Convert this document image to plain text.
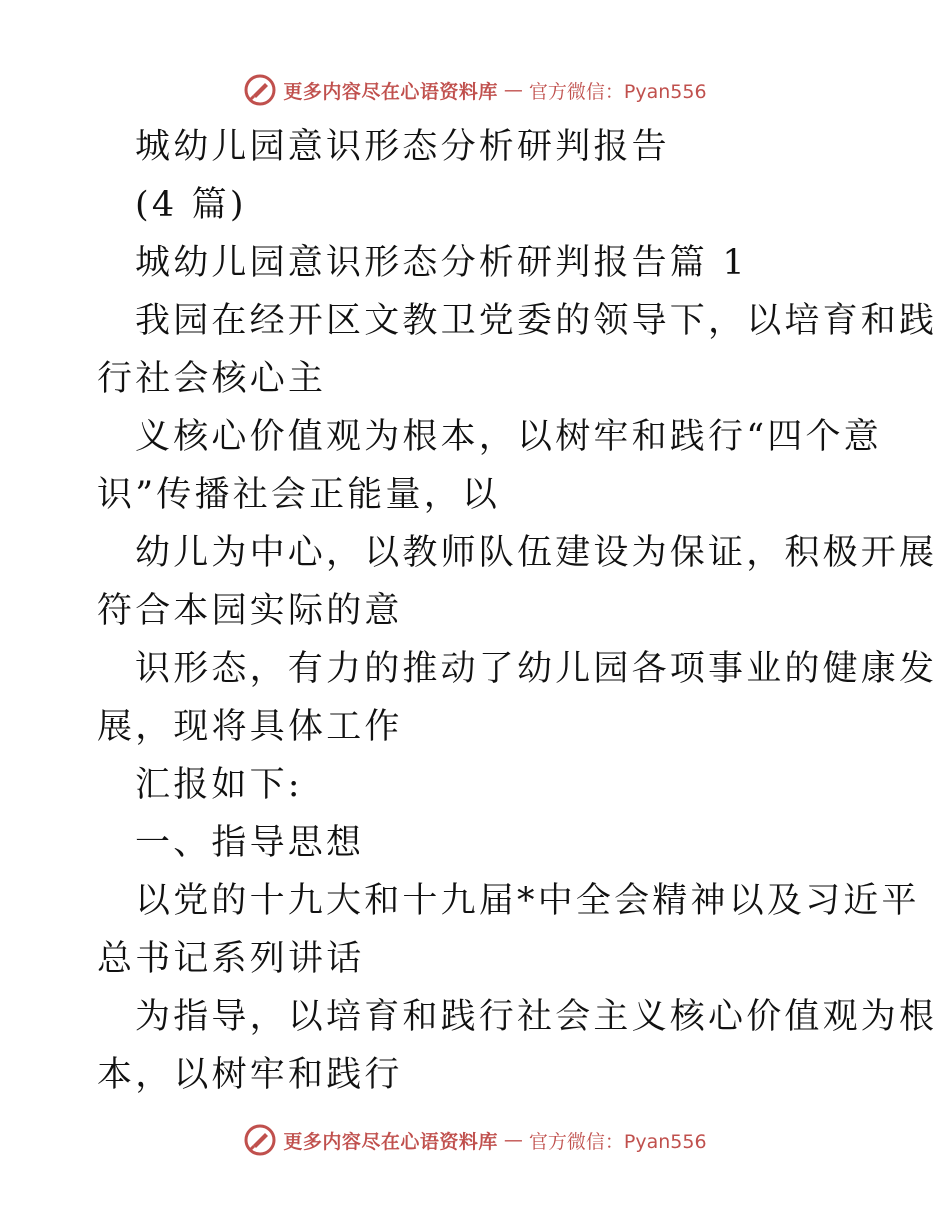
更多内容尽在心语资料库 — 官方微信：Pyan556
城幼儿园意识形态分析研判报告
(4 篇)
城幼儿园意识形态分析研判报告篇 1
我园在经开区文教卫党委的领导下，以培育和践
行社会核心主
义核心价值观为根本，以树牢和践行“四个意
识”传播社会正能量，以
幼儿为中心，以教师队伍建设为保证，积极开展
符合本园实际的意
识形态，有力的推动了幼儿园各项事业的健康发
展，现将具体工作
汇报如下:
一、指导思想
以党的十九大和十九届*中全会精神以及习近平
总书记系列讲话
为指导，以培育和践行社会主义核心价值观为根
本，以树牢和践行
更多内容尽在心语资料库 — 官方微信：Pyan556
